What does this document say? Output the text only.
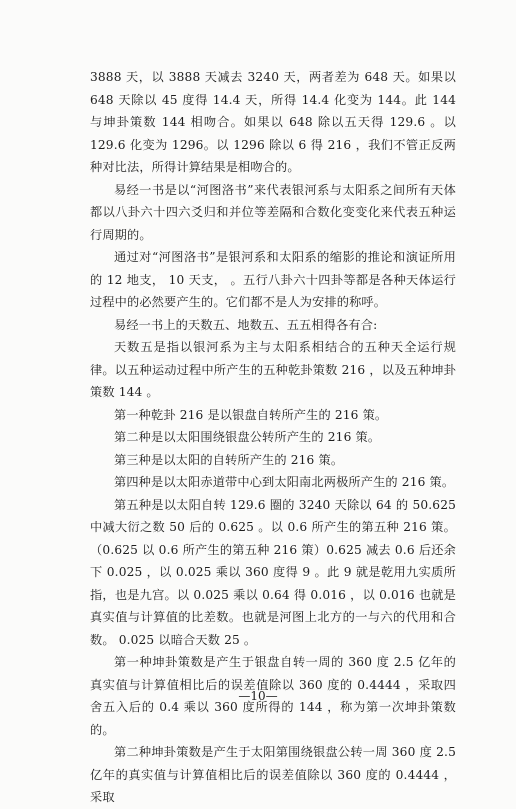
3888 天，以 3888 天减去 3240 天，两者差为 648 天。如果以 648 天除以 45 度得 14.4 天，所得 14.4 化变为 144。此 144 与坤卦策数 144 相吻合。如果以 648 除以五天得 129.6 。以 129.6 化变为 1296。以 1296 除以 6 得 216 ，我们不管正反两种对比法，所得计算结果是相吻合的。

易经一书是以“河图洛书”来代表银河系与太阳系之间所有天体都以八卦六十四六爻归和并位等差隔和合数化变变化来代表五种运行周期的。

通过对“河图洛书”是银河系和太阳系的缩影的推论和演证所用的 12 地支， 10 天支， 。五行八卦六十四卦等都是各种天体运行过程中的必然要产生的。它们都不是人为安排的称呼。

易经一书上的天数五、地数五、五五相得各有合:

天数五是指以银河系为主与太阳系相结合的五种天全运行规律。以五种运动过程中所产生的五种乾卦策数 216 ，以及五种坤卦策数 144 。

第一种乾卦 216 是以银盘自转所产生的 216 策。

第二种是以太阳围绕银盘公转所产生的 216 策。

第三种是以太阳的自转所产生的 216 策。

第四种是以太阳赤道带中心到太阳南北两极所产生的 216 策。

第五种是以太阳自转 129.6 圈的 3240 天除以 64 的 50.625 中减大衍之数 50 后的 0.625 。以 0.6 所产生的第五种 216 策。（0.625 以 0.6 所产生的第五种 216 策）0.625 减去 0.6 后还余下 0.025 ，以 0.025 乘以 360 度得 9 。此 9 就是乾用九实质所指，也是九宫。以 0.025 乘以 0.64 得 0.016 ，以 0.016 也就是真实值与计算值的比差数。也就是河图上北方的一与六的代用和合数。 0.025 以暗合天数 25 。

第一种坤卦策数是产生于银盘自转一周的 360 度 2.5 亿年的真实值与计算值相比后的误差值除以 360 度的 0.4444 ，采取四舍五入后的 0.4 乘以 360 度所得的 144 ，称为第一次坤卦策数的。

第二种坤卦策数是产生于太阳第围绕银盘公转一周 360 度 2.5 亿年的真实值与计算值相比后的误差值除以 360 度的 0.4444 ，采取

—10—
